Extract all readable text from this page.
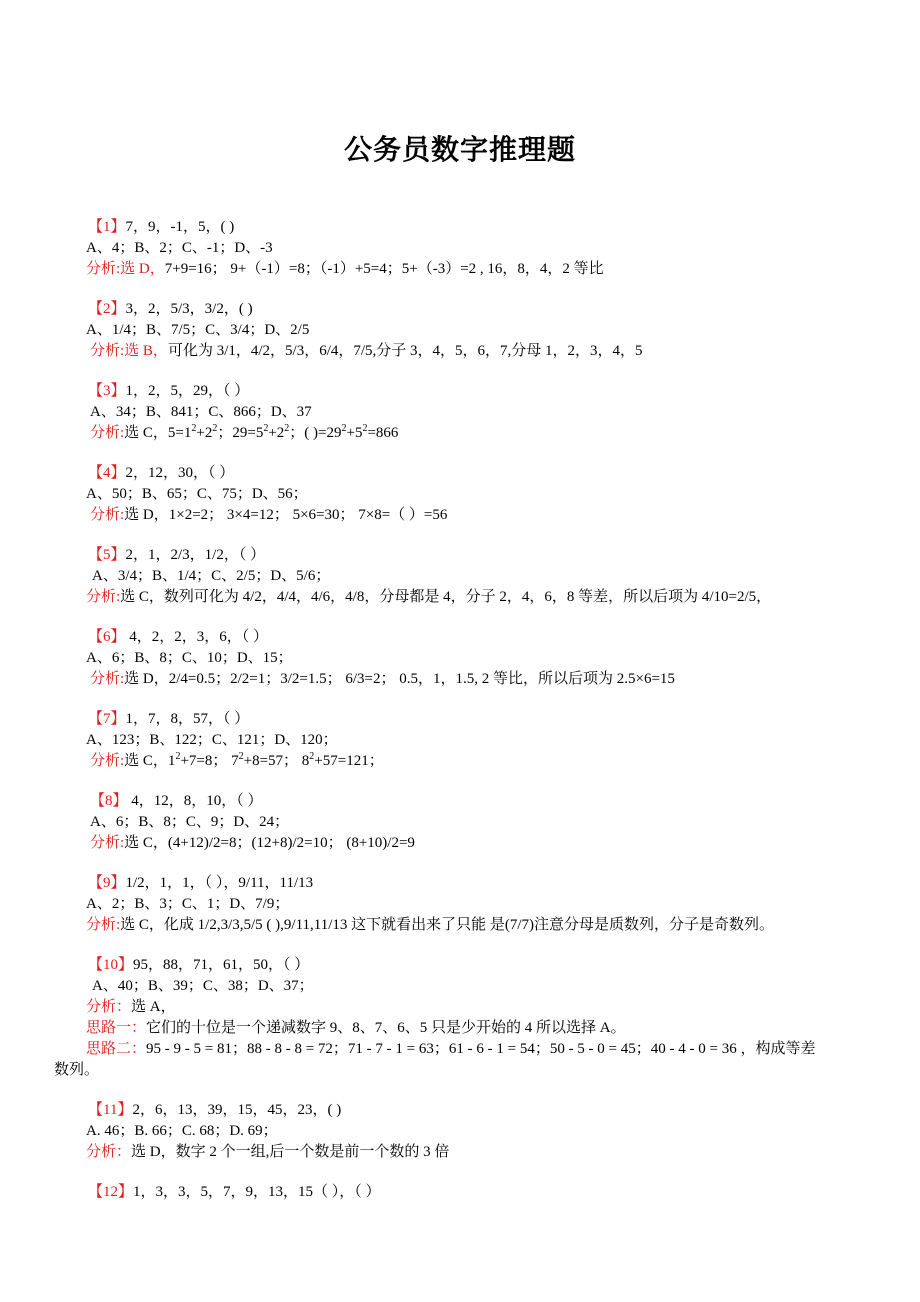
公务员数字推理题
【1】7，9，-1，5，( )
A、4；B、2；C、-1；D、-3
分析:选 D，7+9=16； 9+（-1）=8；（-1）+5=4；5+（-3）=2 , 16，8，4，2 等比
【2】3，2，5/3，3/2，( )
A、1/4；B、7/5；C、3/4；D、2/5
分析:选 B，可化为 3/1，4/2，5/3，6/4，7/5,分子 3，4，5，6，7,分母 1，2，3，4，5
【3】1，2，5，29，（ ）
A、34；B、841；C、866；D、37
分析:选 C，$5=1^2+2^2$；$29=5^2+2^2$；( )$=29^2+5^2=866$
【4】2，12，30，（ ）
A、50；B、65；C、75；D、56；
分析:选 D，1×2=2； 3×4=12； 5×6=30； 7×8=（ ）=56
【5】2，1，2/3，1/2，（ ）
A、3/4；B、1/4；C、2/5；D、5/6；
分析:选 C，数列可化为 4/2，4/4，4/6，4/8，分母都是 4，分子 2，4，6，8 等差，所以后项为 4/10=2/5，
【6】 4，2，2，3，6，（ ）
A、6；B、8；C、10；D、15；
分析:选 D，2/4=0.5；2/2=1；3/2=1.5； 6/3=2； 0.5，1，1.5, 2 等比，所以后项为 2.5×6=15
【7】1，7，8，57，（ ）
A、123；B、122；C、121；D、120；
分析:选 C，$1^2+7=8$； $7^2+8=57$； $8^2+57=121$；
【8】 4，12，8，10，（ ）
A、6；B、8；C、9；D、24；
分析:选 C，(4+12)/2=8；(12+8)/2=10； (8+10)/2=9
【9】1/2，1，1，（ ），9/11，11/13
A、2；B、3；C、1；D、7/9；
分析:选 C，化成 1/2,3/3,5/5 ( ),9/11,11/13 这下就看出来了只能 是(7/7)注意分母是质数列，分子是奇数列。
【10】95，88，71，61，50，（ ）
A、40；B、39；C、38；D、37；
分析：选 A，
思路一：它们的十位是一个递减数字 9、8、7、6、5 只是少开始的 4 所以选择 A。
思路二：95 - 9 - 5 = 81；88 - 8 - 8 = 72；71 - 7 - 1 = 63；61 - 6 - 1 = 54；50 - 5 - 0 = 45；40 - 4 - 0 = 36 ，构成等差
数列。
【11】2，6，13，39，15，45，23，( )
A. 46；B. 66；C. 68；D. 69；
分析：选 D，数字 2 个一组,后一个数是前一个数的 3 倍
【12】1，3，3，5，7，9，13，15（ ），（ ）
